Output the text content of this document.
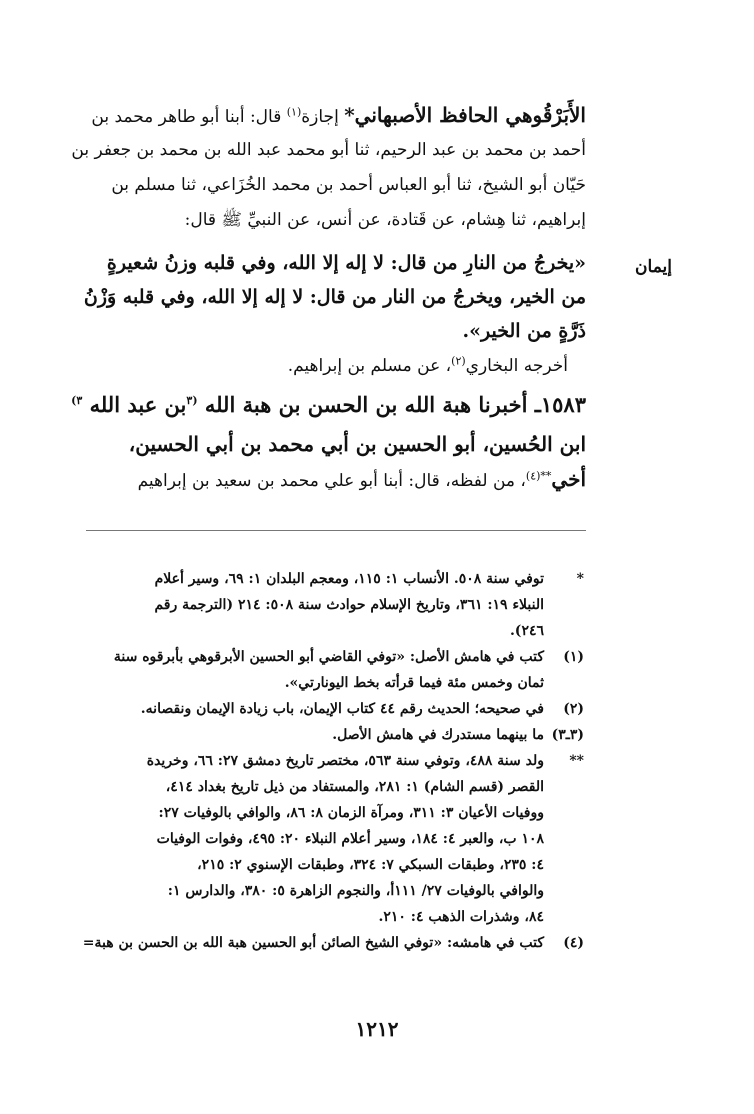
الأَبَرْقُوهي الحافظ الأصبهاني* إجازة$^{(١)}$ قال: أبنا أبو طاهر محمد بن

أحمد بن محمد بن عبد الرحيم، ثنا أبو محمد عبد الله بن محمد بن جعفر بن

حَيّان أبو الشيخ، ثنا أبو العباس أحمد بن محمد الخُزَاعي، ثنا مسلم بن

إبراهيم، ثنا هِشام، عن قَتادة، عن أنس، عن النبيِّ ﷺ قال:

«يخرجُ من النارِ من قال: لا إله إلا الله، وفي قلبه وزنُ شعيرةٍ

من الخير، ويخرجُ من النار من قال: لا إله إلا الله، وفي قلبه وَزْنُ

ذَرَّةٍ من الخير».

أخرجه البخاري$^{(٢)}$، عن مسلم بن إبراهيم.

١٥٨٣ـ أخبرنا هبة الله بن الحسن بن هبة الله $^{(٣}$بن عبد الله $^{٣)}$

ابن الحُسين، أبو الحسين بن أبي محمد بن أبي الحسين،

أخي$^{**(٤)}$، من لفظه، قال: أبنا أبو علي محمد بن سعيد بن إبراهيم

إيمان
*
توفي سنة ٥٠٨. الأنساب ١: ١١٥، ومعجم البلدان ١: ٦٩، وسير أعلام
النبلاء ١٩: ٣٦١، وتاريخ الإسلام حوادث سنة ٥٠٨: ٢١٤ (الترجمة رقم
٢٤٦).
(١)
كتب في هامش الأصل: «توفي القاضي أبو الحسين الأبرقوهي بأبرقوه سنة
ثمان وخمس مئة فيما قرأته بخط اليونارتي».
(٢)
في صحيحه؛ الحديث رقم ٤٤ كتاب الإيمان، باب زيادة الإيمان ونقصانه.
(٣ـ٣)
ما بينهما مستدرك في هامش الأصل.
**
ولد سنة ٤٨٨، وتوفي سنة ٥٦٣، مختصر تاريخ دمشق ٢٧: ٦٦، وخريدة
القصر (قسم الشام) ١: ٢٨١، والمستفاد من ذيل تاريخ بغداد ٤١٤،
ووفيات الأعيان ٣: ٣١١، ومرآة الزمان ٨: ٨٦، والوافي بالوفيات ٢٧:
١٠٨ ب، والعبر ٤: ١٨٤، وسير أعلام النبلاء ٢٠: ٤٩٥، وفوات الوفيات
٤: ٢٣٥، وطبقات السبكي ٧: ٣٢٤، وطبقات الإسنوي ٢: ٢١٥،
والوافي بالوفيات ٢٧/ ١١١أ، والنجوم الزاهرة ٥: ٣٨٠، والدارس ١:
٨٤، وشذرات الذهب ٤: ٢١٠.
(٤)
كتب في هامشه: «توفي الشيخ الصائن أبو الحسين هبة الله بن الحسن بن هبة=
١٢١٢
